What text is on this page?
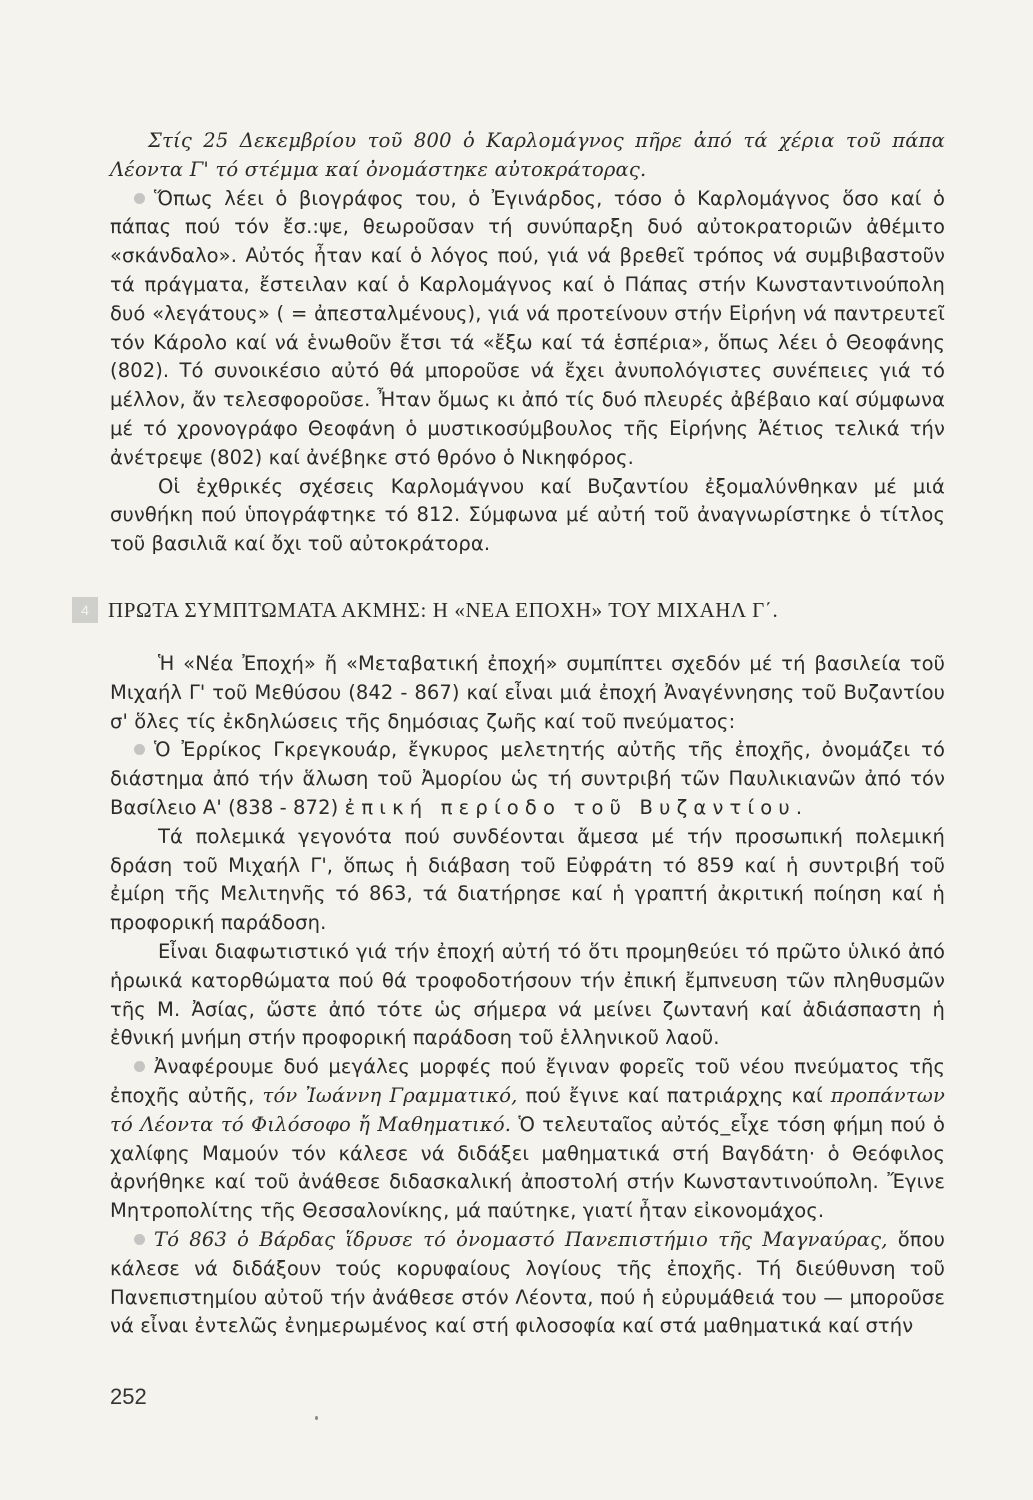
Στίς 25 Δεκεμβρίου τοῦ 800 ὁ Καρλομάγνος πῆρε ἀπό τά χέρια τοῦ πάπα Λέοντα Γ' τό στέμμα καί ὀνομάστηκε αὐτοκράτορας.

Ὅπως λέει ὁ βιογράφος του, ὁ Ἐγινάρδος, τόσο ὁ Καρλομάγνος ὅσο καί ὁ πάπας πού τόν ἔσ.:ψε, θεωροῦσαν τή συνύπαρξη δυό αὐτοκρατοριῶν ἀθέμιτο «σκάνδαλο». Αὐτός ἦταν καί ὁ λόγος πού, γιά νά βρεθεῖ τρόπος νά συμβιβαστοῦν τά πράγματα, ἔστειλαν καί ὁ Καρλομάγνος καί ὁ Πάπας στήν Κωνσταντινούπολη δυό «λεγάτους» ( = ἀπεσταλμένους), γιά νά προτείνουν στήν Εἰρήνη νά παντρευτεῖ τόν Κάρολο καί νά ἑνωθοῦν ἔτσι τά «ἔξω καί τά ἑσπέρια», ὅπως λέει ὁ Θεοφάνης (802). Τό συνοικέσιο αὐτό θά μποροῦσε νά ἔχει ἀνυπολόγιστες συνέπειες γιά τό μέλλον, ἄν τελεσφοροῦσε. Ἦταν ὅμως κι ἀπό τίς δυό πλευρές ἀβέβαιο καί σύμφωνα μέ τό χρονογράφο Θεοφάνη ὁ μυστικοσύμβουλος τῆς Εἰρήνης Ἀέτιος τελικά τήν ἀνέτρεψε (802) καί ἀνέβηκε στό θρόνο ὁ Νικηφόρος.

Οἱ ἐχθρικές σχέσεις Καρλομάγνου καί Βυζαντίου ἐξομαλύνθηκαν μέ μιά συνθήκη πού ὑπογράφτηκε τό 812. Σύμφωνα μέ αὐτή τοῦ ἀναγνωρίστηκε ὁ τίτλος τοῦ βασιλιᾶ καί ὄχι τοῦ αὐτοκράτορα.

4 ΠΡΩΤΑ ΣΥΜΠΤΩΜΑΤΑ ΑΚΜΗΣ: Η «ΝΕΑ ΕΠΟΧΗ» ΤΟΥ ΜΙΧΑΗΛ Γ΄.

Ἡ «Νέα Ἐποχή» ἤ «Μεταβατική ἐποχή» συμπίπτει σχεδόν μέ τή βασιλεία τοῦ Μιχαήλ Γ' τοῦ Μεθύσου (842 - 867) καί εἶναι μιά ἐποχή Ἀναγέννησης τοῦ Βυζαντίου σ' ὅλες τίς ἐκδηλώσεις τῆς δημόσιας ζωῆς καί τοῦ πνεύματος:

Ὁ Ἐρρίκος Γκρεγκουάρ, ἔγκυρος μελετητής αὐτῆς τῆς ἐποχῆς, ὀνομάζει τό διάστημα ἀπό τήν ἅλωση τοῦ Ἀμορίου ὡς τή συντριβή τῶν Παυλικιανῶν ἀπό τόν Βασίλειο Α' (838 - 872) ἐπική περίοδο τοῦ Βυζαντίου.

Τά πολεμικά γεγονότα πού συνδέονται ἄμεσα μέ τήν προσωπική πολεμική δράση τοῦ Μιχαήλ Γ', ὅπως ἡ διάβαση τοῦ Εὐφράτη τό 859 καί ἡ συντριβή τοῦ ἐμίρη τῆς Μελιτηνῆς τό 863, τά διατήρησε καί ἡ γραπτή ἀκριτική ποίηση καί ἡ προφορική παράδοση.

Εἶναι διαφωτιστικό γιά τήν ἐποχή αὐτή τό ὅτι προμηθεύει τό πρῶτο ὑλικό ἀπό ἡρωικά κατορθώματα πού θά τροφοδοτήσουν τήν ἐπική ἔμπνευση τῶν πληθυσμῶν τῆς Μ. Ἀσίας, ὥστε ἀπό τότε ὡς σήμερα νά μείνει ζωντανή καί ἀδιάσπαστη ἡ ἐθνική μνήμη στήν προφορική παράδοση τοῦ ἑλληνικοῦ λαοῦ.

Ἀναφέρουμε δυό μεγάλες μορφές πού ἔγιναν φορεῖς τοῦ νέου πνεύματος τῆς ἐποχῆς αὐτῆς, τόν Ἰωάννη Γραμματικό, πού ἔγινε καί πατριάρχης καί προπάντων τό Λέοντα τό Φιλόσοφο ἤ Μαθηματικό. Ὁ τελευταῖος αὐτός_εἶχε τόση φήμη πού ὁ χαλίφης Μαμούν τόν κάλεσε νά διδάξει μαθηματικά στή Βαγδάτη· ὁ Θεόφιλος ἀρνήθηκε καί τοῦ ἀνάθεσε διδασκαλική ἀποστολή στήν Κωνσταντινούπολη. Ἔγινε Μητροπολίτης τῆς Θεσσαλονίκης, μά παύτηκε, γιατί ἦταν εἰκονομάχος.

Τό 863 ὁ Βάρδας ἵδρυσε τό ὀνομαστό Πανεπιστήμιο τῆς Μαγναύρας, ὅπου κάλεσε νά διδάξουν τούς κορυφαίους λογίους τῆς ἐποχῆς. Τή διεύθυνση τοῦ Πανεπιστημίου αὐτοῦ τήν ἀνάθεσε στόν Λέοντα, πού ἡ εὐρυμάθειά του — μποροῦσε νά εἶναι ἐντελῶς ἐνημερωμένος καί στή φιλοσοφία καί στά μαθηματικά καί στήν

252
